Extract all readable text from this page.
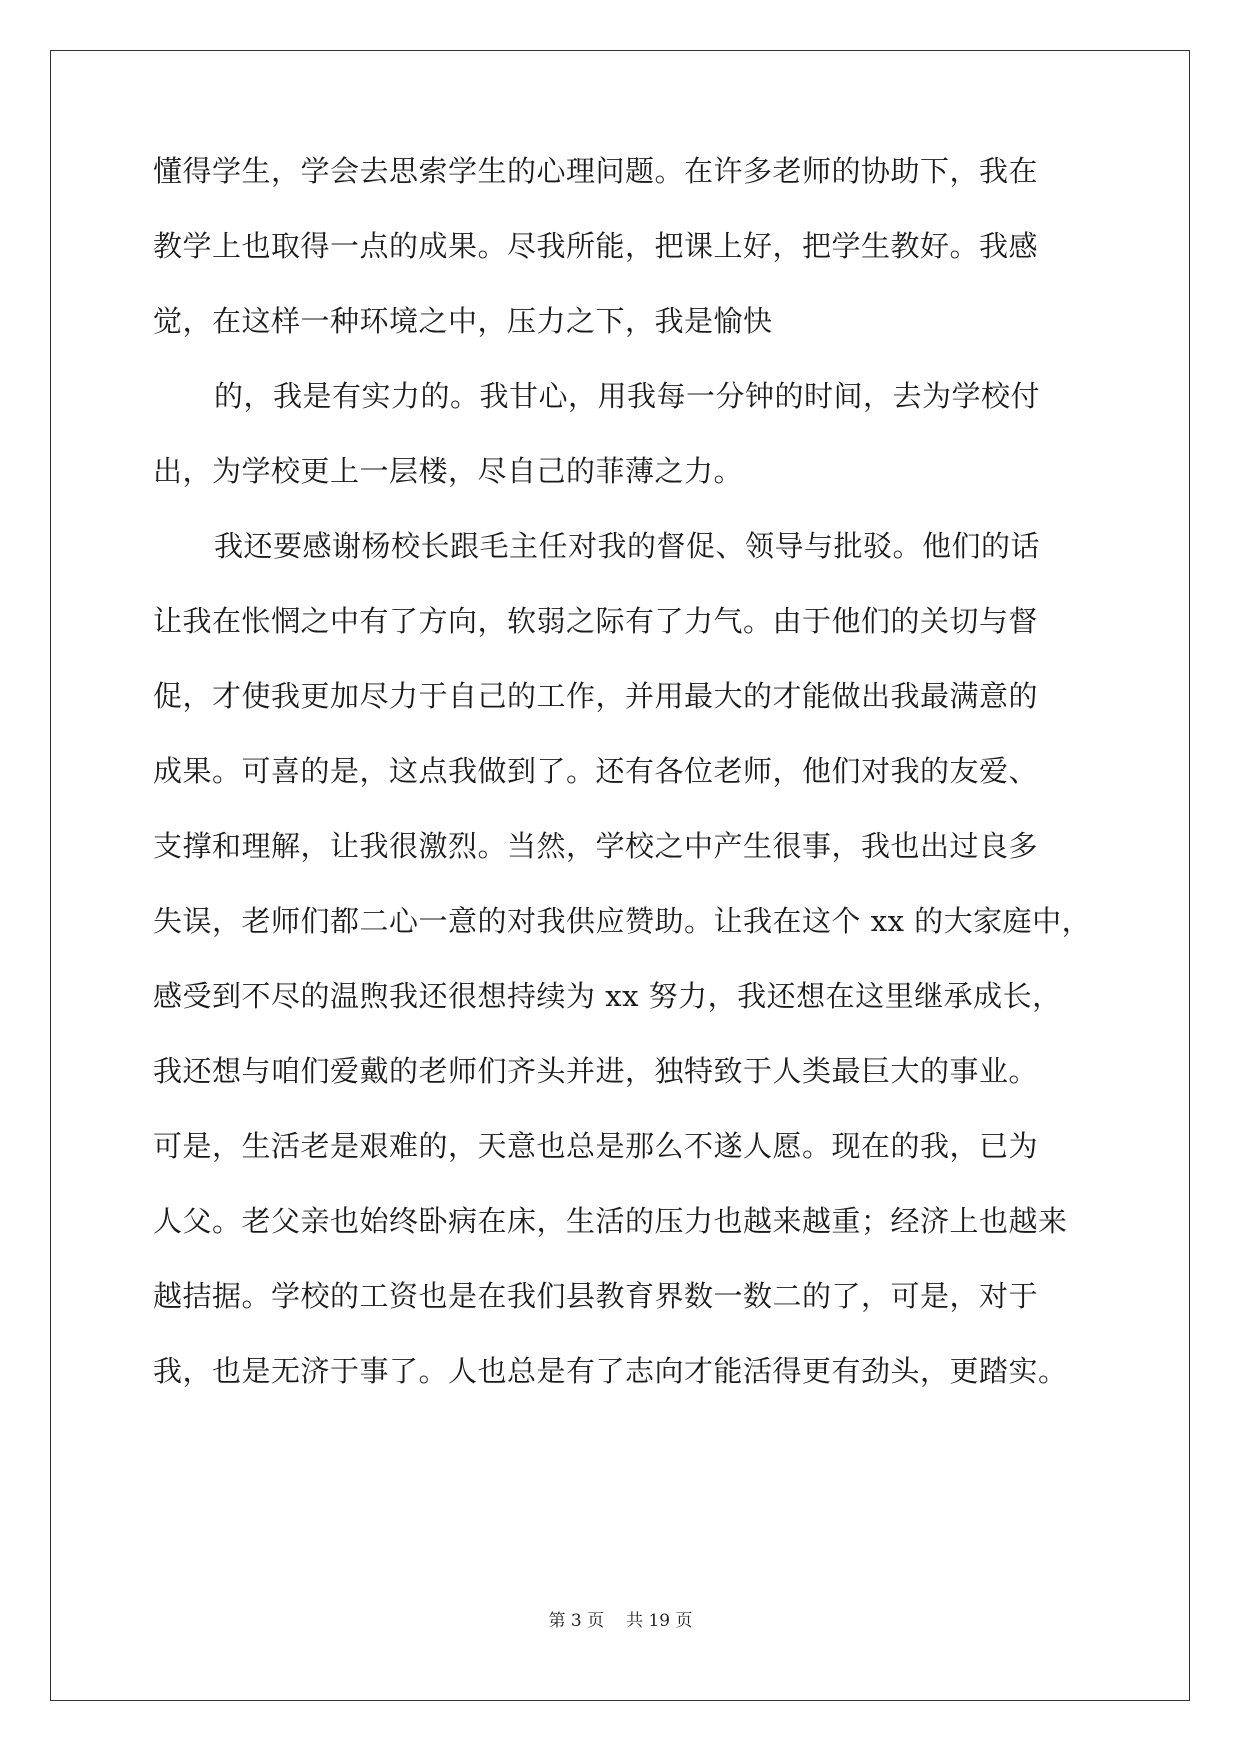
懂得学生，学会去思索学生的心理问题。在许多老师的协助下，我在
教学上也取得一点的成果。尽我所能，把课上好，把学生教好。我感
觉，在这样一种环境之中，压力之下，我是愉快
的，我是有实力的。我甘心，用我每一分钟的时间，去为学校付
出，为学校更上一层楼，尽自己的菲薄之力。
我还要感谢杨校长跟毛主任对我的督促、领导与批驳。他们的话
让我在怅惘之中有了方向，软弱之际有了力气。由于他们的关切与督
促，才使我更加尽力于自己的工作，并用最大的才能做出我最满意的
成果。可喜的是，这点我做到了。还有各位老师，他们对我的友爱、
支撑和理解，让我很激烈。当然，学校之中产生很事，我也出过良多
失误，老师们都二心一意的对我供应赞助。让我在这个 xx 的大家庭中，
感受到不尽的温煦我还很想持续为 xx 努力，我还想在这里继承成长，
我还想与咱们爱戴的老师们齐头并进，独特致于人类最巨大的事业。
可是，生活老是艰难的，天意也总是那么不遂人愿。现在的我，已为
人父。老父亲也始终卧病在床，生活的压力也越来越重；经济上也越来
越拮据。学校的工资也是在我们县教育界数一数二的了，可是，对于
我，也是无济于事了。人也总是有了志向才能活得更有劲头，更踏实。
第 3 页 共 19 页
